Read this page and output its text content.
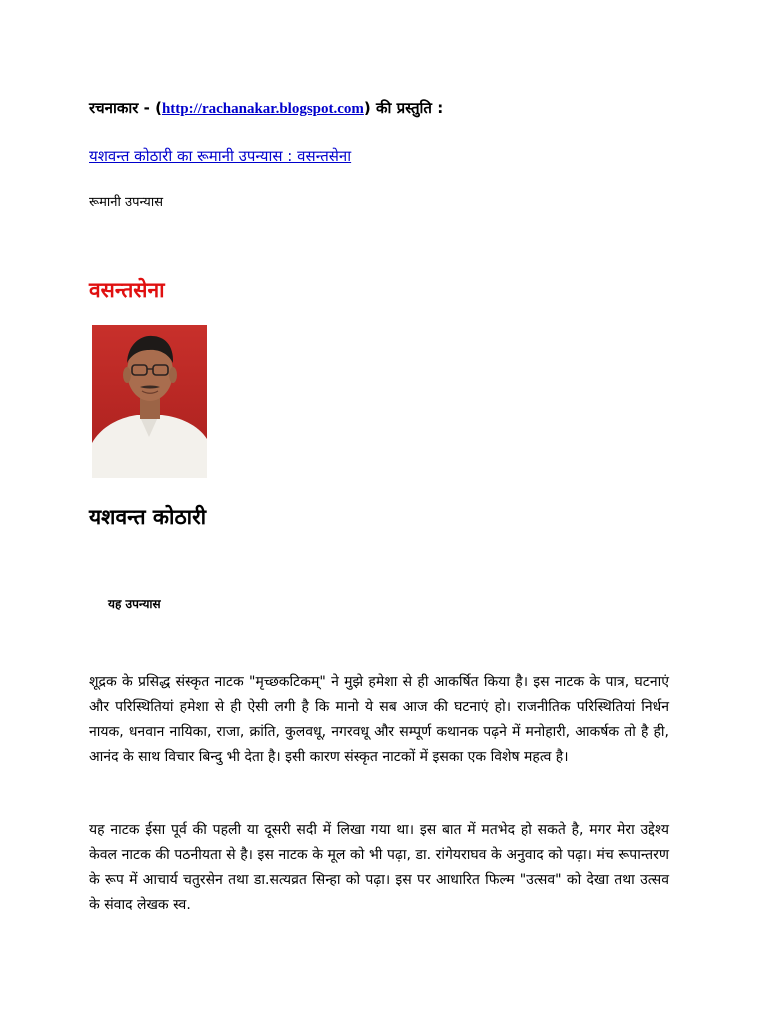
रचनाकार - (http://rachanakar.blogspot.com) की प्रस्तुति :
यशवन्त कोठारी का रूमानी उपन्यास : वसन्तसेना
रूमानी उपन्यास
वसन्तसेना
यशवन्त कोठारी
यह उपन्यास
शूद्रक के प्रसिद्ध संस्कृत नाटक "मृच्छकटिकम्" ने मुझे हमेशा से ही आकर्षित किया है। इस नाटक के पात्र, घटनाएं और परिस्थितियां हमेशा से ही ऐसी लगी है कि मानो ये सब आज की घटनाएं हो। राजनीतिक परिस्थितियां निर्धन नायक, धनवान नायिका, राजा, क्रांति, कुलवधू, नगरवधू और सम्पूर्ण कथानक पढ़ने में मनोहारी, आकर्षक तो है ही, आनंद के साथ विचार बिन्दु भी देता है। इसी कारण संस्कृत नाटकों में इसका एक विशेष महत्व है।
यह नाटक ईसा पूर्व की पहली या दूसरी सदी में लिखा गया था। इस बात में मतभेद हो सकते है, मगर मेरा उद्देश्य केवल नाटक की पठनीयता से है। इस नाटक के मूल को भी पढ़ा, डा. रांगेयराघव के अनुवाद को पढ़ा। मंच रूपान्तरण के रूप में आचार्य चतुरसेन तथा डा.सत्यव्रत सिन्हा को पढ़ा। इस पर आधारित फिल्म "उत्सव" को देखा तथा उत्सव के संवाद लेखक स्व.
